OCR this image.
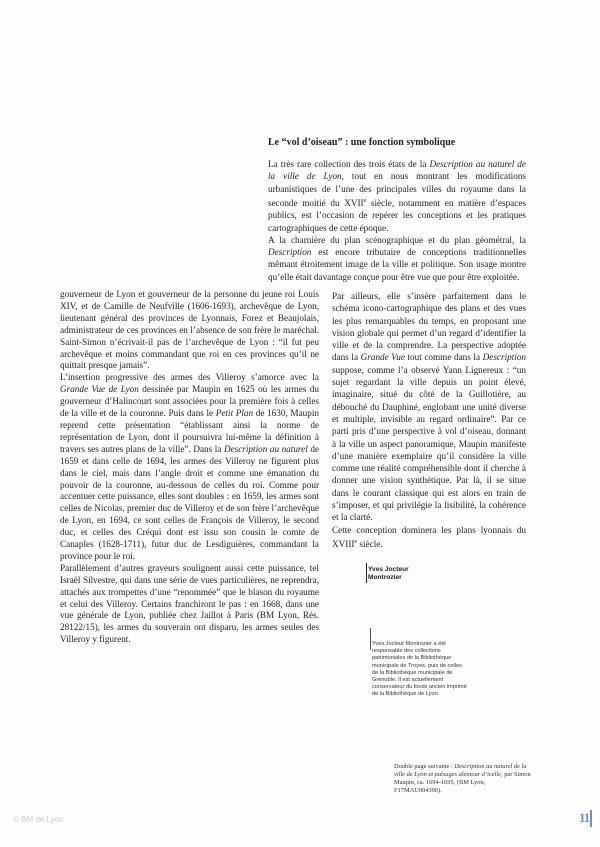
Le “vol d’oiseau” : une fonction symbolique

La très rare collection des trois états de la Description au naturel de la ville de Lyon, tout en nous montrant les modifications urbanistiques de l’une des principales villes du royaume dans la seconde moitié du XVIIe siècle, notamment en matière d’espaces publics, est l’occasion de repérer les conceptions et les pratiques cartographiques de cette époque.

A la charnière du plan scénographique et du plan géométral, la Description est encore tributaire de conceptions traditionnelles mêmant étroitement image de la ville et politique. Son usage montre qu’elle était davantage conçue pour être vue que pour être exploitée.

Par ailleurs, elle s’insère parfaitement dans le schéma icono-cartographique des plans et des vues les plus remarquables du temps, en proposant une vision globale qui permet d’un regard d’identifier la ville et de la comprendre. La perspective adoptée dans la Grande Vue tout comme dans la Description suppose, comme l’a observé Yann Lignereux : “un sujet regardant la ville depuis un point élevé, imaginaire, situé du côté de la Guillotière, au débouché du Dauphiné, englobant une unité diverse et multiple, invisible au regard ordinaire”. Par ce parti pris d’une perspective à vol d’oiseau, donnant à la ville un aspect panoramique, Maupin manifeste d’une manière exemplaire qu’il considère la ville comme une réalité compréhensible dont il cherche à donner une vision synthétique. Par là, il se situe dans le courant classique qui est alors en train de s’imposer, et qui privilégie la lisibilité, la cohérence et la clarté.

Cette conception dominera les plans lyonnais du XVIIIe siècle.

gouverneur de Lyon et gouverneur de la personne du jeune roi Louis XIV, et de Camille de Neufville (1606-1693), archevêque de Lyon, lieutenant général des provinces de Lyonnais, Forez et Beaujolais, administrateur de ces provinces en l’absence de son frère le maréchal. Saint-Simon n’écrivait-il pas de l’archevêque de Lyon : “il fut peu archevêque et moins commandant que roi en ces provinces qu’il ne quittait presque jamais”.

L’insertion progressive des armes des Villeroy s’amorce avec la Grande Vue de Lyon dessinée par Maupin en 1625 où les armes du gouverneur d’Halincourt sont associées pour la première fois à celles de la ville et de la couronne. Puis dans le Petit Plan de 1630, Maupin reprend cette présentation “établissant ainsi la norme de représentation de Lyon, dont il poursuivra lui-même la définition à travers ses autres plans de la ville”. Dans la Description au naturel de 1659 et dans celle de 1694, les armes des Villeroy ne figurent plus dans le ciel, mais dans l’angle droit et comme une émanation du pouvoir de la couronne, au-dessous de celles du roi. Comme pour accentuer cette puissance, elles sont doubles : en 1659, les armes sont celles de Nicolas, premier duc de Villeroy et de son frère l’archevêque de Lyon, en 1694, ce sont celles de François de Villeroy, le second duc, et celles des Créqui dont est issu son cousin le comte de Canaples (1628-1711), futur duc de Lesdiguières, commandant la province pour le roi.

Parallèlement d’autres graveurs soulignent aussi cette puissance, tel Israël Silvestre, qui dans une série de vues particulières, ne reprendra, attachés aux trompettes d’une “renommée” que le blason du royaume et celui des Villeroy. Certains franchiront le pas : en 1668, dans une vue générale de Lyon, publiée chez Jaillot à Paris (BM Lyon, Rés. 28122/15), les armes du souverain ont disparu, les armes seules des Villeroy y figurent.

Yves Jocteur
Montrozier
Yves Jocteur Montrozier a été responsable des collections patrimoniales de la Bibliothèque municipale de Troyes, puis de celles de la Bibliothèque municipale de Grenoble. Il est actuellement conservateur du fonds ancien imprimé de la Bibliothèque de Lyon.
Double page suivante : Description au naturel de la ville de Lyon et paîsages alentour d’icelle, par Simon Maupin, ca. 1694-1695, (BM Lyon, F17MAU004390).
© BM de Lyon	11
